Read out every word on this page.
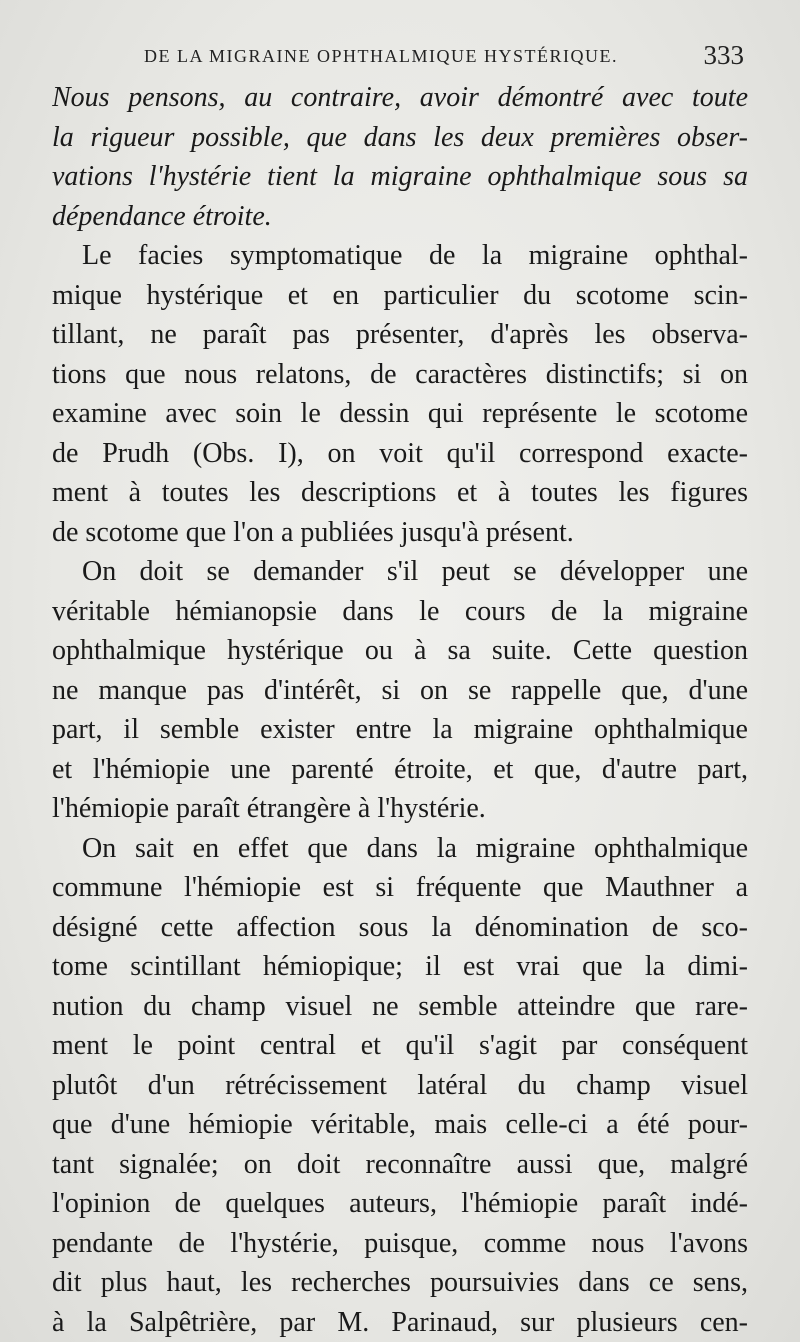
DE LA MIGRAINE OPHTHALMIQUE HYSTÉRIQUE.	333
Nous pensons, au contraire, avoir démontré avec toute
la rigueur possible, que dans les deux premières obser-
vations l'hystérie tient la migraine ophthalmique sous sa
dépendance étroite.
Le facies symptomatique de la migraine ophthal-
mique hystérique et en particulier du scotome scin-
tillant, ne paraît pas présenter, d'après les observa-
tions que nous relatons, de caractères distinctifs; si on
examine avec soin le dessin qui représente le scotome
de Prudh (Obs. I), on voit qu'il correspond exacte-
ment à toutes les descriptions et à toutes les figures
de scotome que l'on a publiées jusqu'à présent.
On doit se demander s'il peut se développer une
véritable hémianopsie dans le cours de la migraine
ophthalmique hystérique ou à sa suite. Cette question
ne manque pas d'intérêt, si on se rappelle que, d'une
part, il semble exister entre la migraine ophthalmique
et l'hémiopie une parenté étroite, et que, d'autre part,
l'hémiopie paraît étrangère à l'hystérie.
On sait en effet que dans la migraine ophthalmique
commune l'hémiopie est si fréquente que Mauthner a
désigné cette affection sous la dénomination de sco-
tome scintillant hémiopique; il est vrai que la dimi-
nution du champ visuel ne semble atteindre que rare-
ment le point central et qu'il s'agit par conséquent
plutôt d'un rétrécissement latéral du champ visuel
que d'une hémiopie véritable, mais celle-ci a été pour-
tant signalée; on doit reconnaître aussi que, malgré
l'opinion de quelques auteurs, l'hémiopie paraît indé-
pendante de l'hystérie, puisque, comme nous l'avons
dit plus haut, les recherches poursuivies dans ce sens,
à la Salpêtrière, par M. Parinaud, sur plusieurs cen-
